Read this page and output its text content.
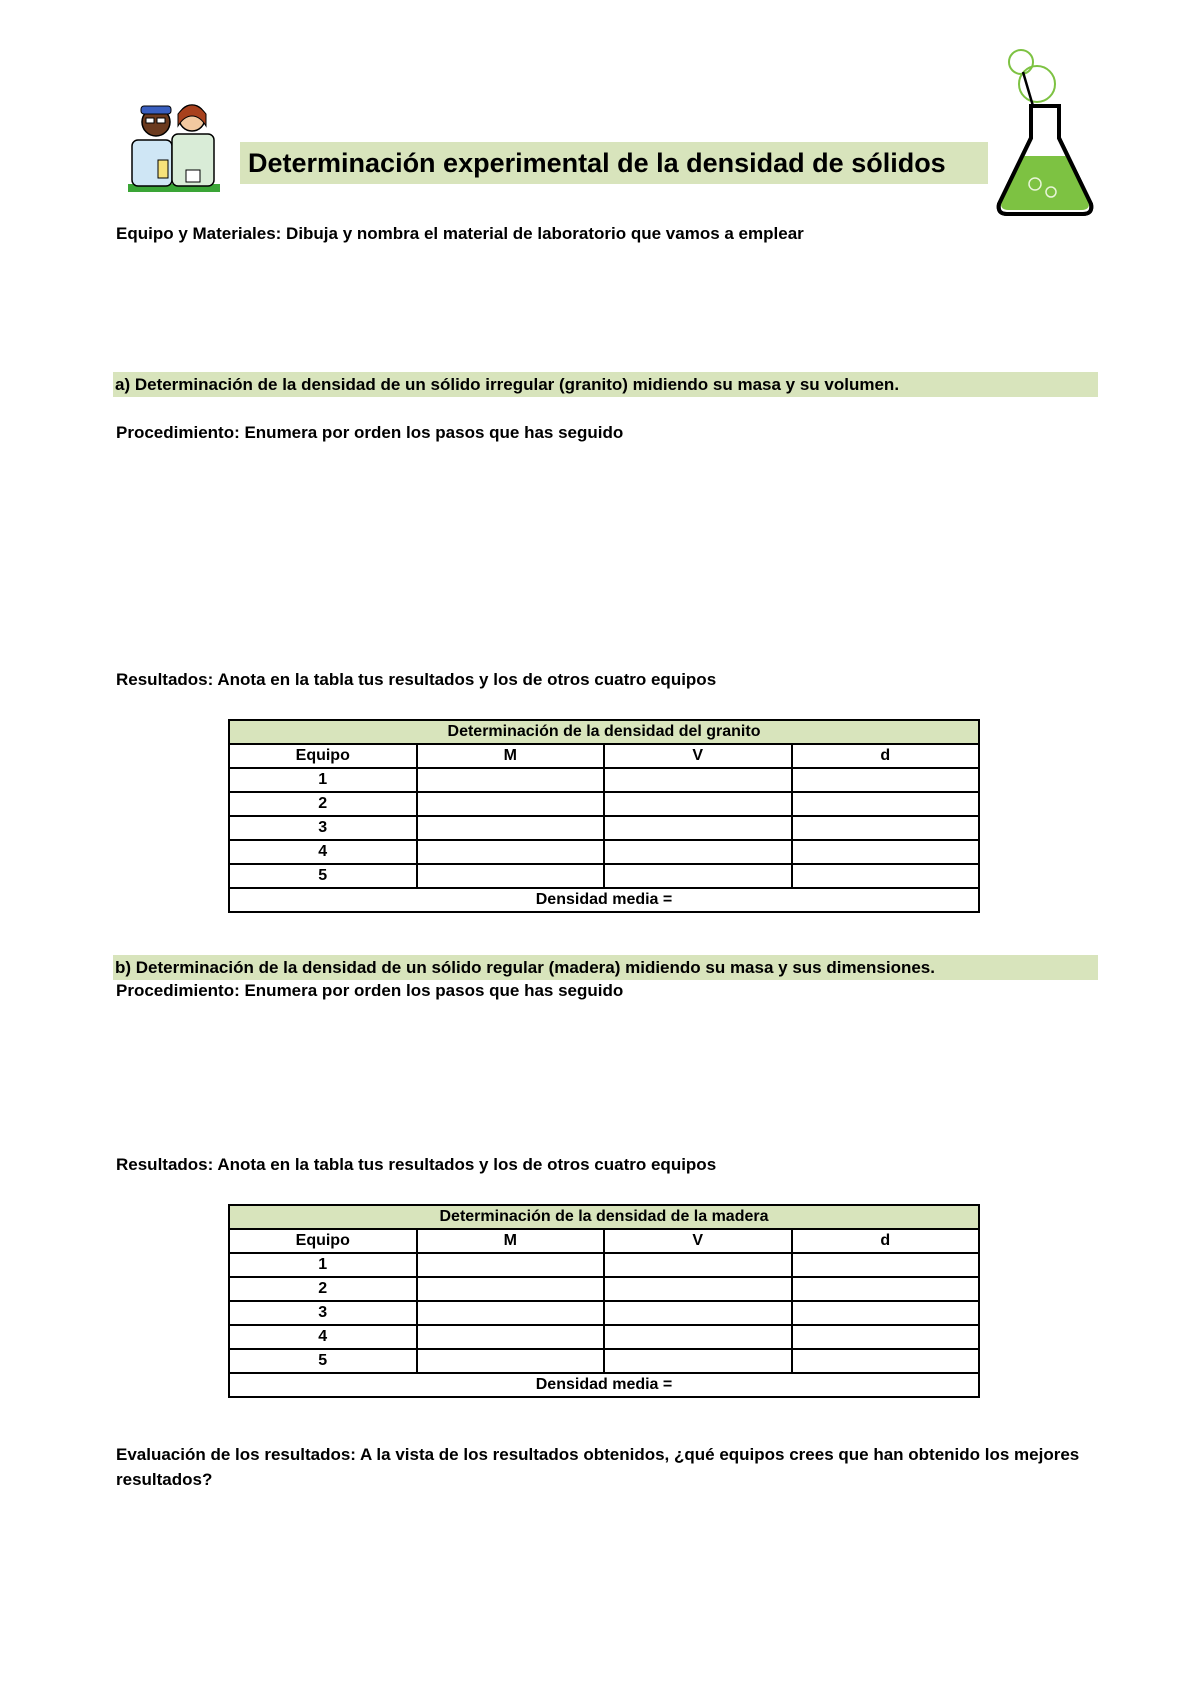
Determinación experimental de la densidad de sólidos
Equipo y Materiales: Dibuja y nombra el material de laboratorio que vamos a emplear
a) Determinación de la densidad de un sólido irregular (granito) midiendo su masa y su volumen.
Procedimiento: Enumera por orden los pasos que has seguido
Resultados: Anota en la tabla tus resultados y los de otros cuatro equipos
Determinación de la densidad del granito			
Equipo	M	V	d
1			
2			
3			
4			
5			
Densidad media =			
b) Determinación de la densidad de un sólido regular (madera) midiendo su masa y sus dimensiones.
Procedimiento: Enumera por orden los pasos que has seguido
Resultados: Anota en la tabla tus resultados y los de otros cuatro equipos
Determinación de la densidad de la madera			
Equipo	M	V	d
1			
2			
3			
4			
5			
Densidad media =			
Evaluación de los resultados: A la vista de los resultados obtenidos, ¿qué equipos crees que han obtenido los mejores resultados?
